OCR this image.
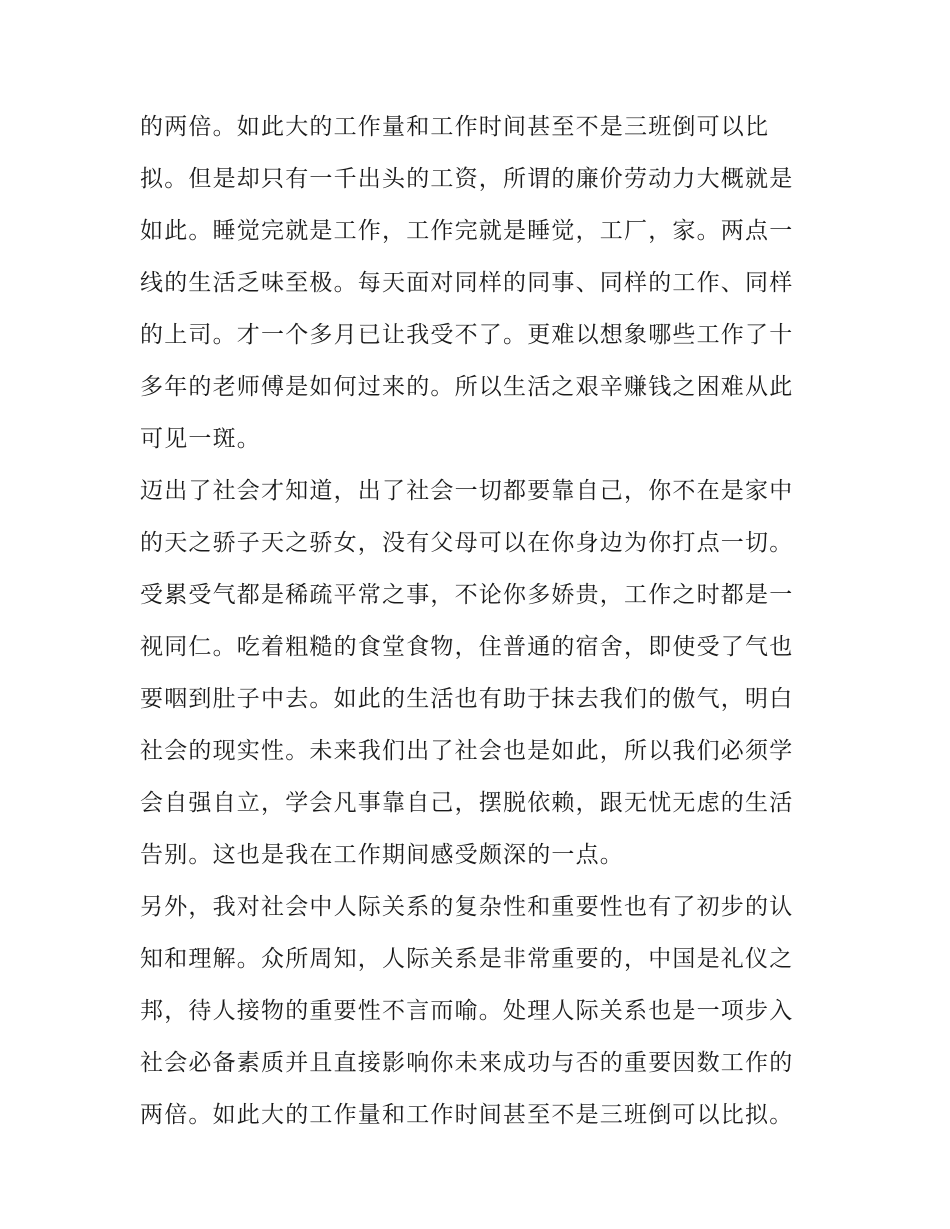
的两倍。如此大的工作量和工作时间甚至不是三班倒可以比
拟。但是却只有一千出头的工资，所谓的廉价劳动力大概就是
如此。睡觉完就是工作，工作完就是睡觉，工厂，家。两点一
线的生活乏味至极。每天面对同样的同事、同样的工作、同样
的上司。才一个多月已让我受不了。更难以想象哪些工作了十
多年的老师傅是如何过来的。所以生活之艰辛赚钱之困难从此
可见一斑。
迈出了社会才知道，出了社会一切都要靠自己，你不在是家中
的天之骄子天之骄女，没有父母可以在你身边为你打点一切。
受累受气都是稀疏平常之事，不论你多娇贵，工作之时都是一
视同仁。吃着粗糙的食堂食物，住普通的宿舍，即使受了气也
要咽到肚子中去。如此的生活也有助于抹去我们的傲气，明白
社会的现实性。未来我们出了社会也是如此，所以我们必须学
会自强自立，学会凡事靠自己，摆脱依赖，跟无忧无虑的生活
告别。这也是我在工作期间感受颇深的一点。
另外，我对社会中人际关系的复杂性和重要性也有了初步的认
知和理解。众所周知，人际关系是非常重要的，中国是礼仪之
邦，待人接物的重要性不言而喻。处理人际关系也是一项步入
社会必备素质并且直接影响你未来成功与否的重要因数工作的
两倍。如此大的工作量和工作时间甚至不是三班倒可以比拟。
